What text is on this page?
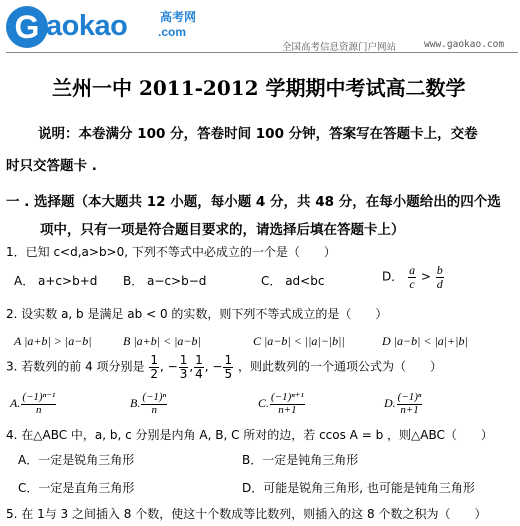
G aokao	高考网
.com
全国高考信息资源门户网站	www.gaokao.com
兰州一中 2011-2012 学期期中考试高二数学
说明：本卷满分 100 分，答卷时间 100 分钟，答案写在答题卡上，交卷
时只交答题卡 .
一 . 选择题（本大题共 12 小题，每小题 4 分，共 48 分，在每小题给出的四个选
项中，只有一项是符合题目要求的，请选择后填在答题卡上）
1．已知 c<d,a>b>0, 下列不等式中必成立的一个是（　　）
A． a+c>b+d B． a−c>b−d	C． ad<bc	D． $\frac{a}{c} > \frac{b}{d}$
2. 设实数 a, b 是满足 ab < 0 的实数，则下列不等式成立的是（　　）
A |a+b| > |a−b|	B |a+b| < |a−b|	C |a−b| < ||a|−|b||	D |a−b| < |a|+|b|
3. 若数列的前 4 项分别是 $\frac{1}{2}$ , − $\frac{1}{3}$ , $\frac{1}{4}$ , − $\frac{1}{5}$ ，则此数列的一个通项公式为（　　）
A. $\frac{\text{(−1)ⁿ⁻¹}}{n}$	B. $\frac{\text{(−1)ⁿ}}{n}$	C. $\frac{\text{(−1)ⁿ⁺¹}}{n+1}$	D. $\frac{\text{(−1)ⁿ}}{n+1}$
4. 在△ABC 中，a, b, c 分别是内角 A, B, C 所对的边，若 ccos A = b ，则△ABC（　　）
A．一定是锐角三角形	B．一定是钝角三角形
C．一定是直角三角形	D．可能是锐角三角形, 也可能是钝角三角形
5. 在 1与 3 之间插入 8 个数，使这十个数成等比数列，则插入的这 8 个数之积为（　　）
